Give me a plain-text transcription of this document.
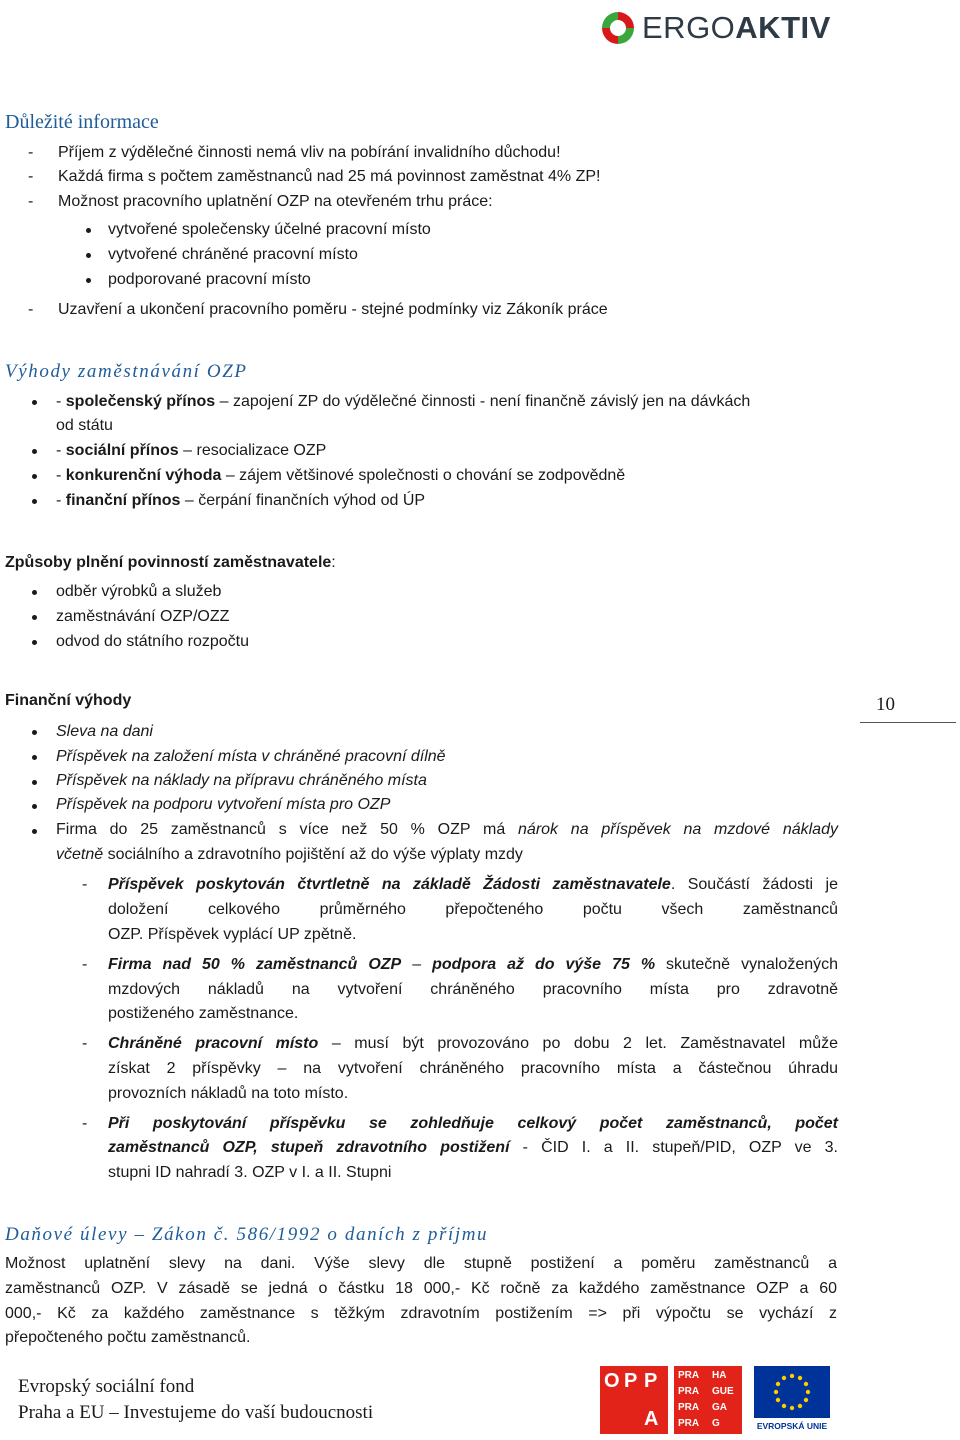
ERGOAKTIV
Důležité informace
- Příjem z výdělečné činnosti nemá vliv na pobírání invalidního důchodu!
- Každá firma s počtem zaměstnanců nad 25 má povinnost zaměstnat 4% ZP!
- Možnost pracovního uplatnění OZP na otevřeném trhu práce:
vytvořené společensky účelné pracovní místo
vytvořené chráněné pracovní místo
podporované pracovní místo
- Uzavření a ukončení pracovního poměru - stejné podmínky viz Zákoník práce
Výhody zaměstnávání OZP
- společenský přínos – zapojení ZP do výdělečné činnosti - není finančně závislý jen na dávkách
od státu
- sociální přínos – resocializace OZP
- konkurenční výhoda – zájem většinové společnosti o chování se zodpovědně
- finanční přínos – čerpání finančních výhod od ÚP
Způsoby plnění povinností zaměstnavatele:
odběr výrobků a služeb
zaměstnávání OZP/OZZ
odvod do státního rozpočtu
Finanční výhody	10
Sleva na dani
Příspěvek na založení místa v chráněné pracovní dílně
Příspěvek na náklady na přípravu chráněného místa
Příspěvek na podporu vytvoření místa pro OZP
Firma do 25 zaměstnanců s více než 50 % OZP má nárok na příspěvek na mzdové náklady
včetně sociálního a zdravotního pojištění až do výše výplaty mzdy
- Příspěvek poskytován čtvrtletně na základě Žádosti zaměstnavatele. Součástí žádosti je
doložení celkového průměrného přepočteného počtu všech zaměstnanců
OZP. Příspěvek vyplácí UP zpětně.
- Firma nad 50 % zaměstnanců OZP – podpora až do výše 75 % skutečně vynaložených
mzdových nákladů na vytvoření chráněného pracovního místa pro zdravotně
postiženého zaměstnance.
- Chráněné pracovní místo – musí být provozováno po dobu 2 let. Zaměstnavatel může
získat 2 příspěvky – na vytvoření chráněného pracovního místa a částečnou úhradu
provozních nákladů na toto místo.
- Při poskytování příspěvku se zohledňuje celkový počet zaměstnanců, počet
zaměstnanců OZP, stupeň zdravotního postižení - ČID I. a II. stupeň/PID, OZP ve 3.
stupni ID nahradí 3. OZP v I. a II. Stupni
Daňové úlevy – Zákon č. 586/1992 o daních z příjmu
Možnost uplatnění slevy na dani. Výše slevy dle stupně postižení a poměru zaměstnanců a
zaměstnanců OZP. V zásadě se jedná o částku 18 000,- Kč ročně za každého zaměstnance OZP a 60
000,- Kč za každého zaměstnance s těžkým zdravotním postižením => při výpočtu se vychází z
přepočteného počtu zaměstnanců.
Evropský sociální fond
Praha a EU – Investujeme do vaší budoucnosti
O P P
A
PRA HA
PRA GUE
PRA GA
PRA G	EVROPSKÁ UNIE
